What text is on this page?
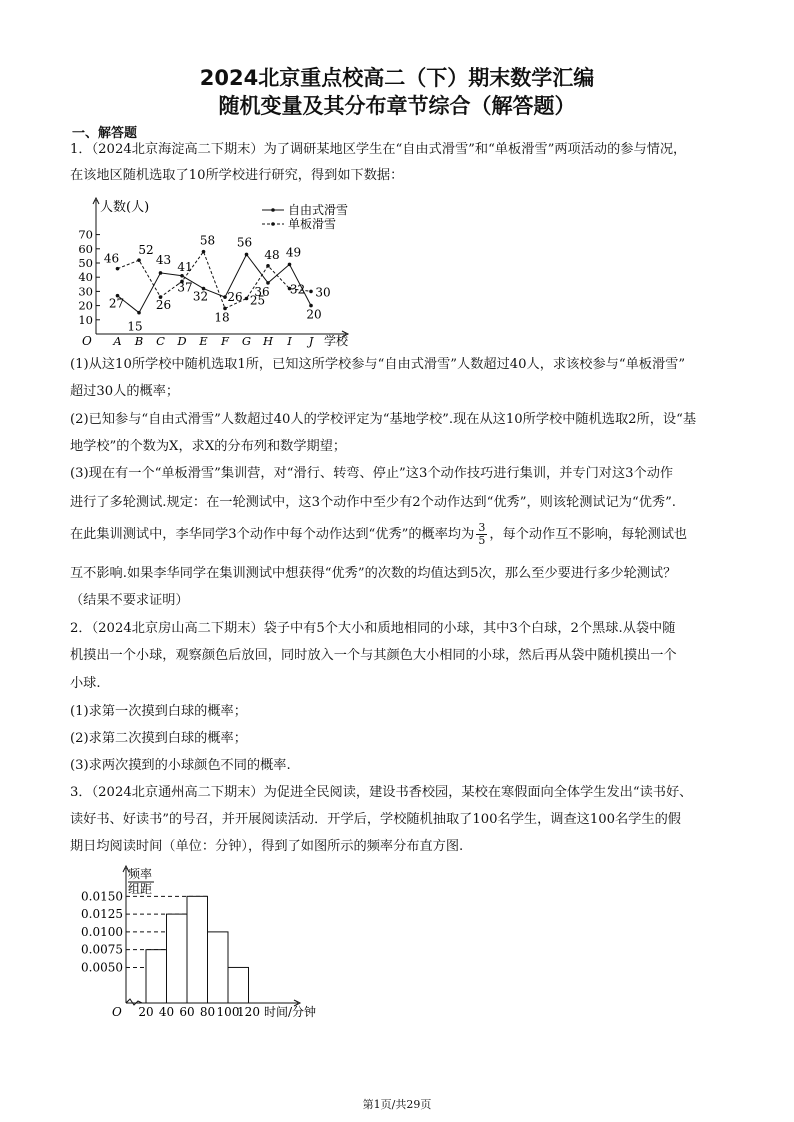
2024北京重点校高二（下）期末数学汇编
随机变量及其分布章节综合（解答题）
一、解答题
1．（2024北京海淀高二下期末）为了调研某地区学生在“自由式滑雪”和“单板滑雪”两项活动的参与情况，
在该地区随机选取了10所学校进行研究，得到如下数据：
人数(人)
学校
O
10
20
30
40
50
60
70
A B C D E F G H I J
27
15
43 41
32 26
56
36
49
20
46
52
26
37
58
18
25
48
32 30
自由式滑雪
单板滑雪
(1)从这10所学校中随机选取1所，已知这所学校参与“自由式滑雪”人数超过40人，求该校参与“单板滑雪”
超过30人的概率；
(2)已知参与“自由式滑雪”人数超过40人的学校评定为“基地学校”.现在从这10所学校中随机选取2所，设“基
地学校”的个数为X，求X的分布列和数学期望；
(3)现在有一个“单板滑雪”集训营，对“滑行、转弯、停止”这3个动作技巧进行集训，并专门对这3个动作
进行了多轮测试.规定：在一轮测试中，这3个动作中至少有2个动作达到“优秀”，则该轮测试记为“优秀”.
在此集训测试中，李华同学3个动作中每个动作达到“优秀”的概率均为 $\frac{3}{5}$ ，每个动作互不影响，每轮测试也
互不影响.如果李华同学在集训测试中想获得“优秀”的次数的均值达到5次，那么至少要进行多少轮测试？
（结果不要求证明）
2．（2024北京房山高二下期末）袋子中有5个大小和质地相同的小球，其中3个白球，2个黑球.从袋中随
机摸出一个小球，观察颜色后放回，同时放入一个与其颜色大小相同的小球，然后再从袋中随机摸出一个
小球.
(1)求第一次摸到白球的概率；
(2)求第二次摸到白球的概率；
(3)求两次摸到的小球颜色不同的概率.
3．（2024北京通州高二下期末）为促进全民阅读，建设书香校园，某校在寒假面向全体学生发出“读书好、
读好书、好读书”的号召，并开展阅读活动．开学后，学校随机抽取了100名学生，调查这100名学生的假
期日均阅读时间（单位：分钟），得到了如图所示的频率分布直方图.
频率
组距
O
0.0150
0.0125
0.0100
0.0075
0.0050
20 40 60 80 100
120 时间/分钟
第1页/共29页
